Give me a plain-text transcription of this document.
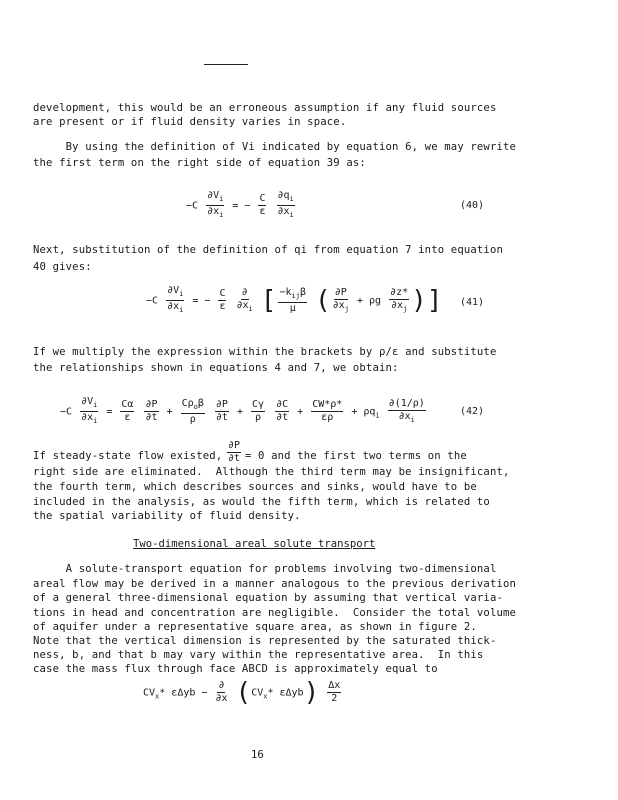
development, this would be an erroneous assumption if any fluid sources
are present or if fluid density varies in space.
By using the definition of Vi indicated by equation 6, we may rewrite
the first term on the right side of equation 39 as:
$-C \frac{\partial V_i}{\partial x_i}$ = − $\frac{C}{\varepsilon}$
$\frac{\partial q_i}{\partial x_i}$	(40)
Next, substitution of the definition of qi from equation 7 into equation
40 gives:
$-C \frac{\partial V_i}{\partial x_i}$ = − $\frac{C}{\varepsilon}$
$\frac{\partial}{\partial x_i}$ [ $\frac{-k_{ij}\beta}{\mu}$ ( $\frac{\partial P}{\partial x_j} + \rho g \frac{\partial z*}{\partial x_j}$ )] (41)
If we multiply the expression within the brackets by ρ/ε and substitute
the relationships shown in equations 4 and 7, we obtain:
$-C \frac{\partial V_i}{\partial x_i} = \frac{C\alpha}{\varepsilon}$
$\frac{\partial P}{\partial t} + \frac{C\rho_o\beta}{\rho}$
$\frac{\partial P}{\partial t} + \frac{C\gamma}{\rho}$
$\frac{\partial C}{\partial t} + \frac{CW*\rho*}{\varepsilon\rho} + \rho q_i \frac{\partial(1/\rho)}{\partial x_i}$	(42)
If steady-state flow existed, $\frac{\partial P}{\partial t} = 0$ and the first two terms on the
right side are eliminated.  Although the third term may be insignificant,
the fourth term, which describes sources and sinks, would have to be
included in the analysis, as would the fifth term, which is related to
the spatial variability of fluid density.
Two-dimensional areal solute transport
A solute-transport equation for problems involving two-dimensional
areal flow may be derived in a manner analogous to the previous derivation
of a general three-dimensional equation by assuming that vertical varia-
tions in head and concentration are negligible.  Consider the total volume
of aquifer under a representative square area, as shown in figure 2.
Note that the vertical dimension is represented by the saturated thick-
ness, b, and that b may vary within the representative area.  In this
case the mass flux through face ABCD is approximately equal to
$CV_x*$ $\varepsilon\Delta yb - \frac{\partial}{\partial x} (CV_x*$ $\varepsilon\Delta yb) \frac{\Delta x}{2}$
16
